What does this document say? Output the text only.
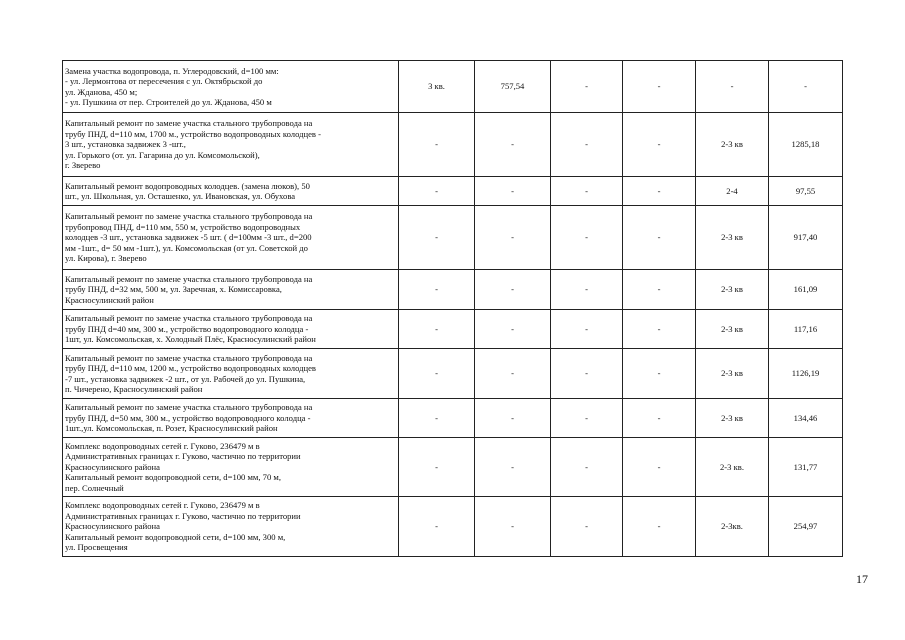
Замена участка водопровода, п. Углеродовский, d=100 мм:
- ул. Лермонтова от пересечения с ул. Октябрьской до
ул. Жданова, 450 м;
- ул. Пушкина от пер. Строителей до ул. Жданова, 450 м	3 кв.	757,54	-	-	-	-

Капитальный ремонт по замене участка стального трубопровода на
трубу ПНД, d=110 мм, 1700 м., устройство водопроводных колодцев -
3 шт., установка задвижек 3 -шт.,
ул. Горького (от. ул. Гагарина до ул. Комсомольской),
г. Зверево	-	-	-	-	2-3 кв	1285,18

Капитальный ремонт водопроводных колодцев. (замена люков), 50
шт., ул. Школьная, ул. Осташенко, ул. Ивановская, ул. Обухова	-	-	-	-	2-4	97,55

Капитальный ремонт по замене участка стального трубопровода на
трубопровод ПНД, d=110 мм, 550 м, устройство водопроводных
колодцев -3 шт., установка задвижек -5 шт. ( d=100мм -3 шт., d=200
мм -1шт., d= 50 мм -1шт.), ул. Комсомольская (от ул. Советской до
ул. Кирова), г. Зверево	-	-	-	-	2-3 кв	917,40

Капитальный ремонт по замене участка стального трубопровода на
трубу ПНД, d=32 мм, 500 м, ул. Заречная, х. Комиссаровка,
Красносулинский район	-	-	-	-	2-3 кв	161,09

Капитальный ремонт по замене участка стального трубопровода на
трубу ПНД d=40 мм, 300 м., устройство водопроводного колодца -
1шт, ул. Комсомольская, х. Холодный Плёс, Красносулинский район	-	-	-	-	2-3 кв	117,16

Капитальный ремонт по замене участка стального трубопровода на
трубу ПНД, d=110 мм, 1200 м., устройство водопроводных колодцев
-7 шт., установка задвижек -2 шт., от ул. Рабочей до ул. Пушкина,
п. Чичерено, Красносулинский район	-	-	-	-	2-3 кв	1126,19

Капитальный ремонт по замене участка стального трубопровода на
трубу ПНД, d=50 мм, 300 м., устройство водопроводного колодца -
1шт.,ул. Комсомольская, п. Розет, Красносулинский район	-	-	-	-	2-3 кв	134,46

Комплекс водопроводных сетей г. Гуково, 236479 м в
Административных границах г. Гуково, частично по территории
Красносулинского района
Капитальный ремонт водопроводной сети, d=100 мм, 70 м,
пер. Солнечный	-	-	-	-	2-3 кв.	131,77

Комплекс водопроводных сетей г. Гуково, 236479 м в
Административных границах г. Гуково, частично по территории
Красносулинского района
Капитальный ремонт водопроводной сети, d=100 мм, 300 м,
ул. Просвещения	-	-	-	-	2-3кв.	254,97
17
